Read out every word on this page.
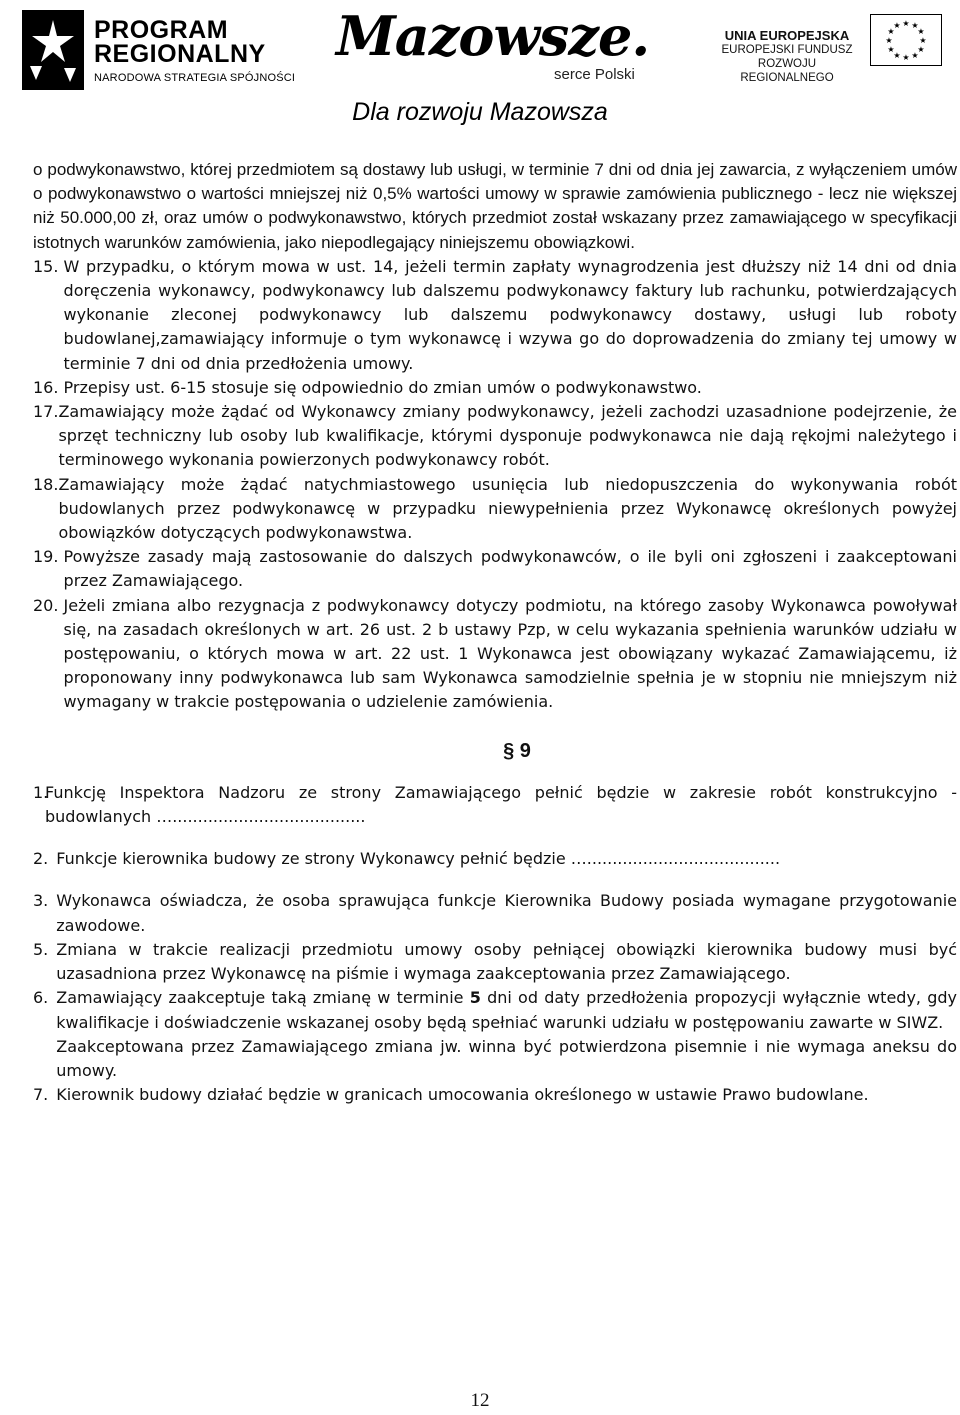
PROGRAM
REGIONALNY
NARODOWA STRATEGIA SPÓJNOŚCI
Mazowsze.
serce Polski
UNIA EUROPEJSKA
EUROPEJSKI FUNDUSZ
ROZWOJU REGIONALNEGO
★ ★
★
★
★
★
★
★
★
★
★
★
Dla rozwoju Mazowsza

o podwykonawstwo, której przedmiotem są dostawy lub usługi, w terminie 7 dni od dnia jej zawarcia, z wyłączeniem umów o podwykonawstwo o wartości mniejszej niż 0,5% wartości umowy w sprawie zamówienia publicznego - lecz nie większej niż 50.000,00 zł, oraz umów o podwykonawstwo, których przedmiot został wskazany przez zamawiającego w specyfikacji istotnych warunków zamówienia, jako niepodlegający niniejszemu obowiązkowi.

15. W przypadku, o którym mowa w ust. 14, jeżeli termin zapłaty wynagrodzenia jest dłuższy niż 14 dni od dnia doręczenia wykonawcy, podwykonawcy lub dalszemu podwykonawcy faktury lub rachunku, potwierdzających wykonanie zleconej podwykonawcy lub dalszemu podwykonawcy dostawy, usługi lub roboty budowlanej,zamawiający informuje o tym wykonawcę i wzywa go do doprowadzenia do zmiany tej umowy w terminie 7 dni od dnia przedłożenia umowy.
16. Przepisy ust. 6-15 stosuje się odpowiednio do zmian umów o podwykonawstwo.
17. Zamawiający może żądać od Wykonawcy zmiany podwykonawcy, jeżeli zachodzi uzasadnione podejrzenie, że sprzęt techniczny lub osoby lub kwalifikacje, którymi dysponuje podwykonawca nie dają rękojmi należytego i terminowego wykonania powierzonych podwykonawcy robót.
18. Zamawiający może żądać natychmiastowego usunięcia lub niedopuszczenia do wykonywania robót budowlanych przez podwykonawcę w przypadku niewypełnienia przez Wykonawcę określonych powyżej obowiązków dotyczących podwykonawstwa.
19. Powyższe zasady mają zastosowanie do dalszych podwykonawców, o ile byli oni zgłoszeni i zaakceptowani przez Zamawiającego.
20. Jeżeli zmiana albo rezygnacja z podwykonawcy dotyczy podmiotu, na którego zasoby Wykonawca powoływał się, na zasadach określonych w art. 26 ust. 2 b ustawy Pzp, w celu wykazania spełnienia warunków udziału w postępowaniu, o których mowa w art. 22 ust. 1 Wykonawca jest obowiązany wykazać Zamawiającemu, iż proponowany inny podwykonawca lub sam Wykonawca samodzielnie spełnia je w stopniu nie mniejszym niż wymagany w trakcie postępowania o udzielenie zamówienia.
§ 9
1.
Funkcję Inspektora Nadzoru ze strony Zamawiającego pełnić będzie w zakresie robót konstrukcyjno - budowlanych …......................................
2. Funkcje kierownika budowy ze strony Wykonawcy pełnić będzie …......................................
3. Wykonawca oświadcza, że osoba sprawująca funkcje Kierownika Budowy posiada wymagane przygotowanie zawodowe.
5. Zmiana w trakcie realizacji przedmiotu umowy osoby pełniącej obowiązki kierownika budowy musi być uzasadniona przez Wykonawcę na piśmie i wymaga zaakceptowania przez Zamawiającego.
6. Zamawiający zaakceptuje taką zmianę w terminie 5 dni od daty przedłożenia propozycji wyłącznie wtedy, gdy kwalifikacje i doświadczenie wskazanej osoby będą spełniać warunki udziału w postępowaniu zawarte w SIWZ.
Zaakceptowana przez Zamawiającego zmiana jw. winna być potwierdzona pisemnie i nie wymaga aneksu do umowy.
7. Kierownik budowy działać będzie w granicach umocowania określonego w ustawie Prawo budowlane.
12
